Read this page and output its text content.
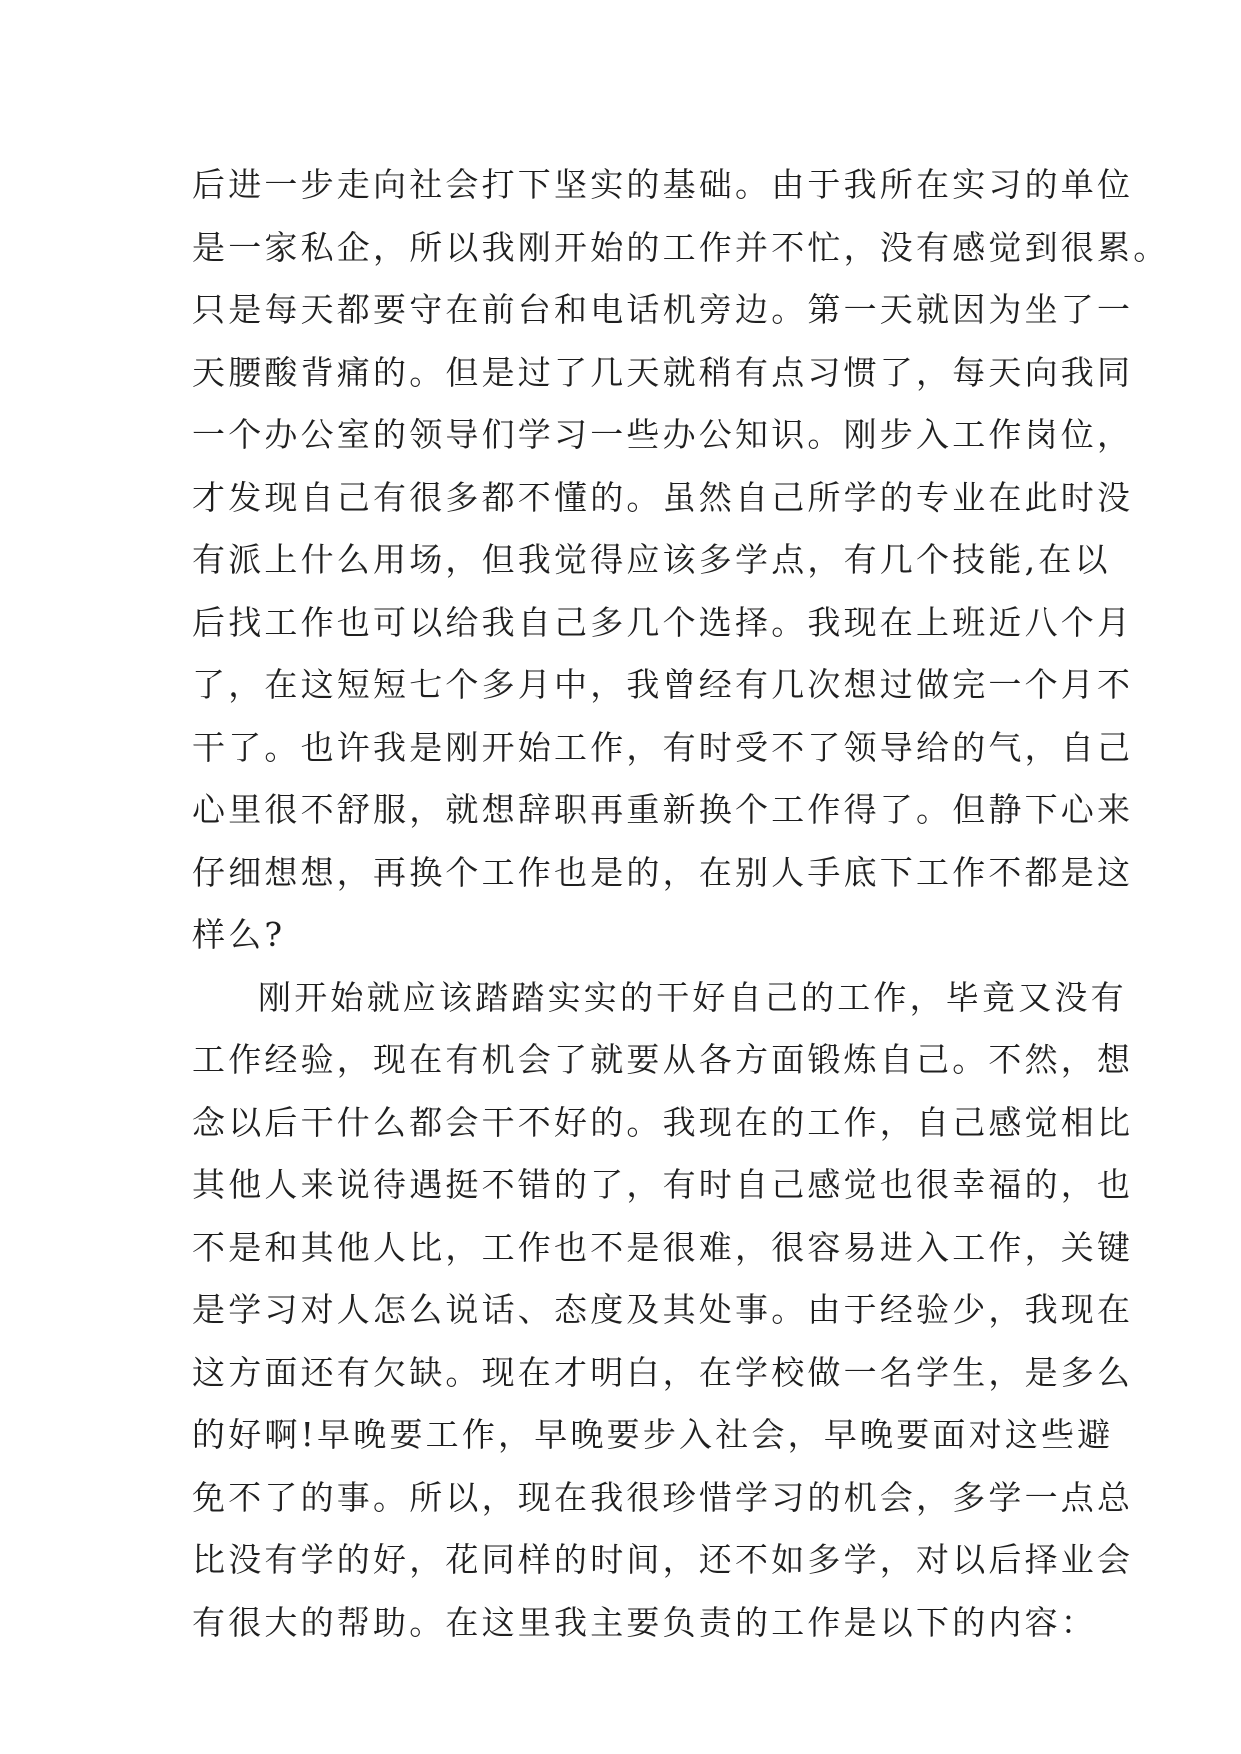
后进一步走向社会打下坚实的基础。由于我所在实习的单位
是一家私企，所以我刚开始的工作并不忙，没有感觉到很累。
只是每天都要守在前台和电话机旁边。第一天就因为坐了一
天腰酸背痛的。但是过了几天就稍有点习惯了，每天向我同
一个办公室的领导们学习一些办公知识。刚步入工作岗位，
才发现自己有很多都不懂的。虽然自己所学的专业在此时没
有派上什么用场，但我觉得应该多学点，有几个技能,在以
后找工作也可以给我自己多几个选择。我现在上班近八个月
了，在这短短七个多月中，我曾经有几次想过做完一个月不
干了。也许我是刚开始工作，有时受不了领导给的气，自己
心里很不舒服，就想辞职再重新换个工作得了。但静下心来
仔细想想，再换个工作也是的，在别人手底下工作不都是这
样么?
刚开始就应该踏踏实实的干好自己的工作，毕竟又没有
工作经验，现在有机会了就要从各方面锻炼自己。不然，想
念以后干什么都会干不好的。我现在的工作，自己感觉相比
其他人来说待遇挺不错的了，有时自己感觉也很幸福的，也
不是和其他人比，工作也不是很难，很容易进入工作，关键
是学习对人怎么说话、态度及其处事。由于经验少，我现在
这方面还有欠缺。现在才明白，在学校做一名学生，是多么
的好啊!早晚要工作，早晚要步入社会，早晚要面对这些避
免不了的事。所以，现在我很珍惜学习的机会，多学一点总
比没有学的好，花同样的时间，还不如多学，对以后择业会
有很大的帮助。在这里我主要负责的工作是以下的内容：
